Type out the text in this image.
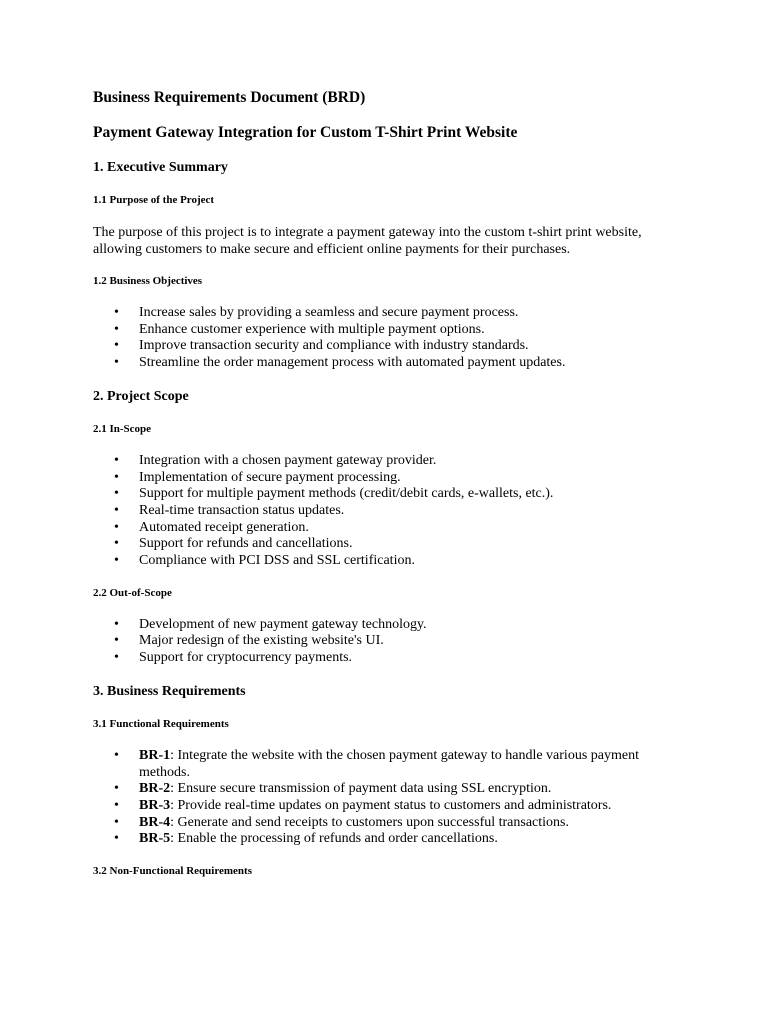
Business Requirements Document (BRD)

Payment Gateway Integration for Custom T-Shirt Print Website

1. Executive Summary

1.1 Purpose of the Project

The purpose of this project is to integrate a payment gateway into the custom t-shirt print website, allowing customers to make secure and efficient online payments for their purchases.

1.2 Business Objectives

• Increase sales by providing a seamless and secure payment process.
• Enhance customer experience with multiple payment options.
• Improve transaction security and compliance with industry standards.
• Streamline the order management process with automated payment updates.

2. Project Scope

2.1 In-Scope

• Integration with a chosen payment gateway provider.
• Implementation of secure payment processing.
• Support for multiple payment methods (credit/debit cards, e-wallets, etc.).
• Real-time transaction status updates.
• Automated receipt generation.
• Support for refunds and cancellations.
• Compliance with PCI DSS and SSL certification.

2.2 Out-of-Scope

• Development of new payment gateway technology.
• Major redesign of the existing website's UI.
• Support for cryptocurrency payments.

3. Business Requirements

3.1 Functional Requirements

• BR-1: Integrate the website with the chosen payment gateway to handle various payment methods.
• BR-2: Ensure secure transmission of payment data using SSL encryption.
• BR-3: Provide real-time updates on payment status to customers and administrators.
• BR-4: Generate and send receipts to customers upon successful transactions.
• BR-5: Enable the processing of refunds and order cancellations.

3.2 Non-Functional Requirements
